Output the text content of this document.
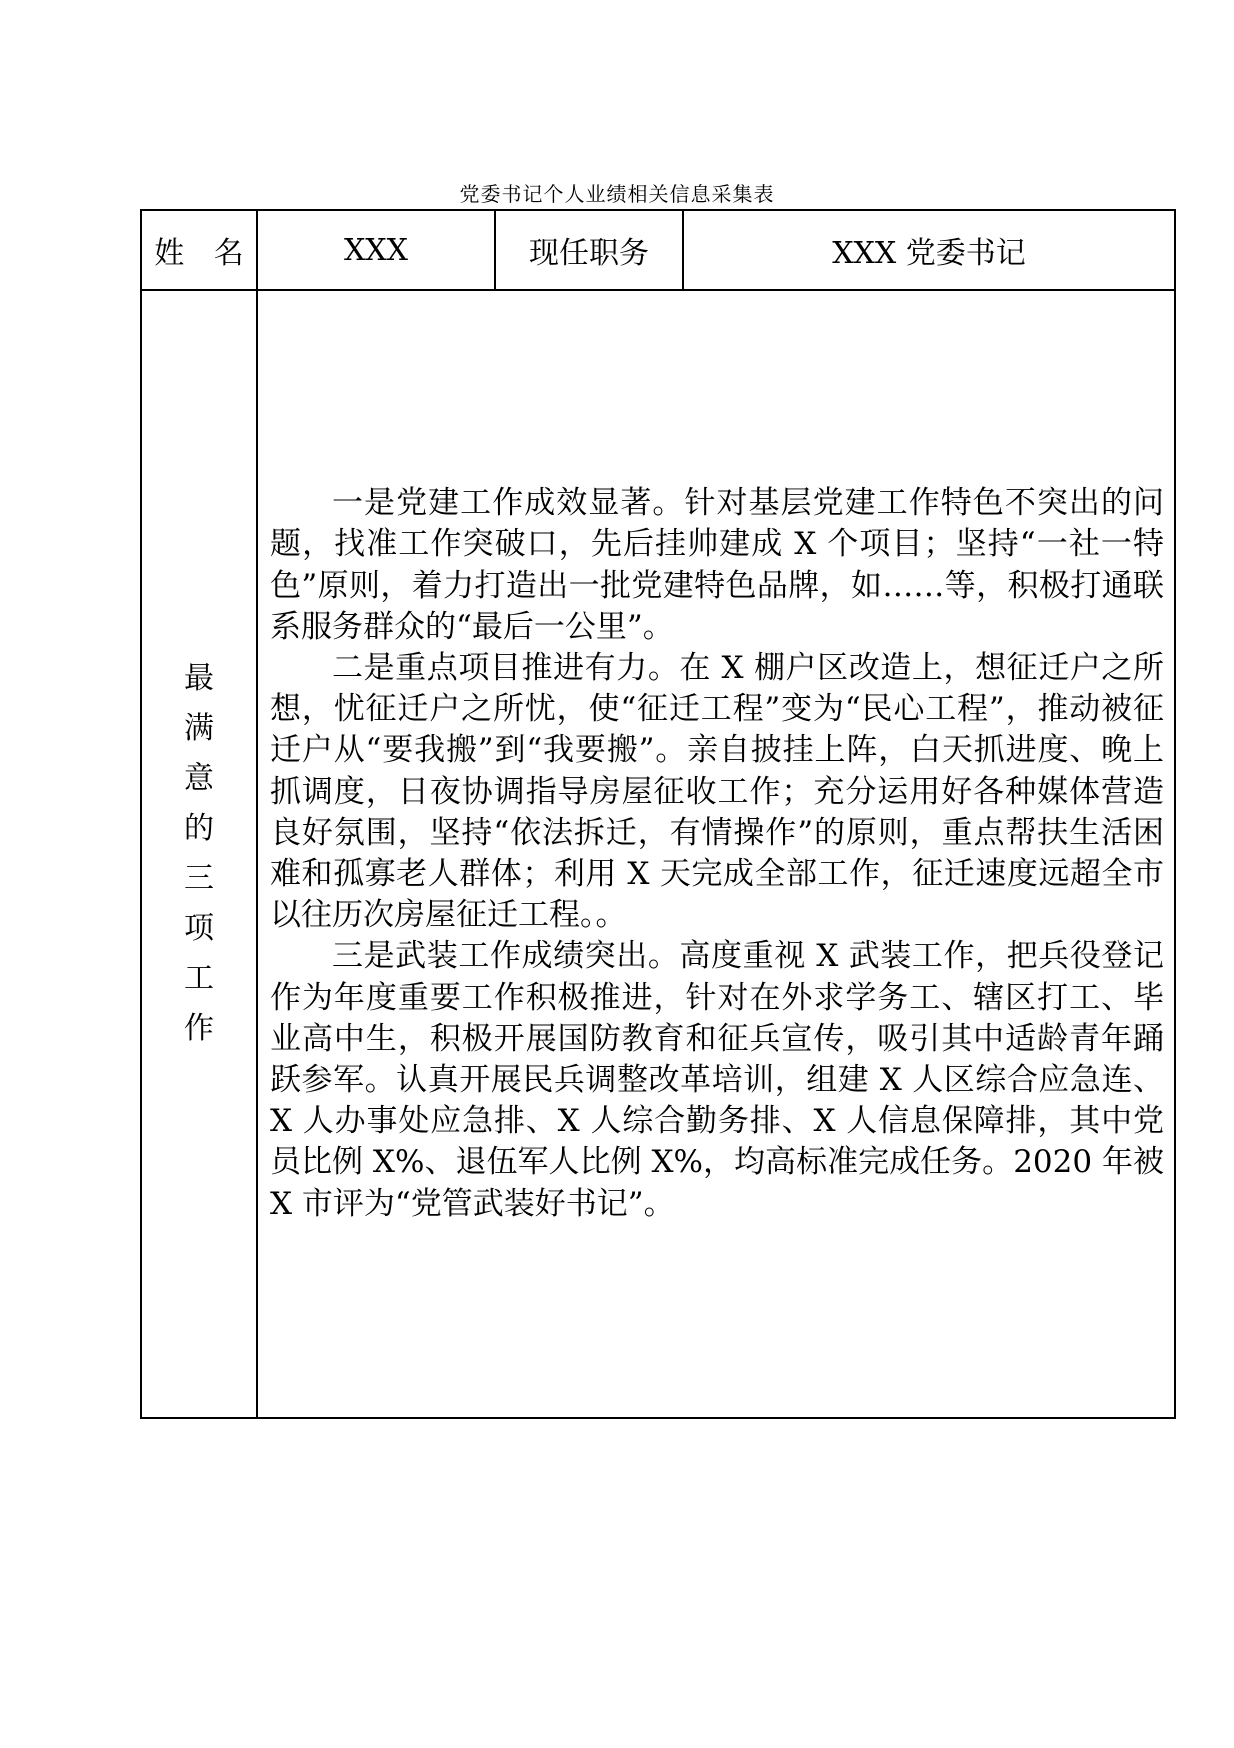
党委书记个人业绩相关信息采集表
姓 名	XXX	现任职务	XXX 党委书记
最满意的三项工作	一是党建工作成效显著。针对基层党建工作特色不突出的问题，找准工作突破口，先后挂帅建成 X 个项目；坚持“一社一特色”原则，着力打造出一批党建特色品牌，如……等，积极打通联系服务群众的“最后一公里”。

二是重点项目推进有力。在 X 棚户区改造上，想征迁户之所想，忧征迁户之所忧，使“征迁工程”变为“民心工程”，推动被征迁户从“要我搬”到“我要搬”。亲自披挂上阵，白天抓进度、晚上抓调度，日夜协调指导房屋征收工作；充分运用好各种媒体营造良好氛围，坚持“依法拆迁，有情操作”的原则，重点帮扶生活困难和孤寡老人群体；利用 X 天完成全部工作，征迁速度远超全市以往历次房屋征迁工程。。

三是武装工作成绩突出。高度重视 X 武装工作，把兵役登记作为年度重要工作积极推进，针对在外求学务工、辖区打工、毕业高中生，积极开展国防教育和征兵宣传，吸引其中适龄青年踊跃参军。认真开展民兵调整改革培训，组建 X 人区综合应急连、X 人办事处应急排、X 人综合勤务排、X 人信息保障排，其中党员比例 X%、退伍军人比例 X%，均高标准完成任务。2020 年被 X 市评为“党管武装好书记”。		
